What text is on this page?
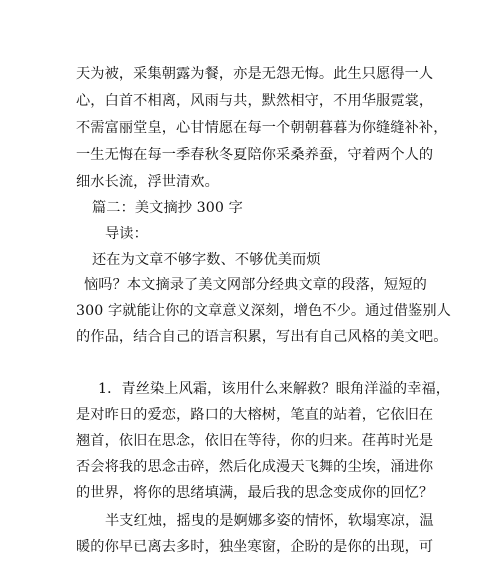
天为被，采集朝露为餐，亦是无怨无悔。此生只愿得一人
心，白首不相离，风雨与共，默然相守，不用华服霓裳，
不需富丽堂皇，心甘情愿在每一个朝朝暮暮为你缝缝补补，
一生无悔在每一季春秋冬夏陪你采桑养蚕，守着两个人的
细水长流，浮世清欢。
篇二：美文摘抄 300 字
导读：
还在为文章不够字数、不够优美而烦
恼吗？本文摘录了美文网部分经典文章的段落，短短的
300 字就能让你的文章意义深刻，增色不少。通过借鉴别人
的作品，结合自己的语言积累，写出有自己风格的美文吧。
1．青丝染上风霜，该用什么来解救？眼角洋溢的幸福，
是对昨日的爱恋，路口的大榕树，笔直的站着，它依旧在
翘首，依旧在思念，依旧在等待，你的归来。荏苒时光是
否会将我的思念击碎，然后化成漫天飞舞的尘埃，涌进你
的世界，将你的思绪填满，最后我的思念变成你的回忆？
半支红烛，摇曳的是婀娜多姿的情怀，软塌寒凉，温
暖的你早已离去多时，独坐寒窗，企盼的是你的出现，可
